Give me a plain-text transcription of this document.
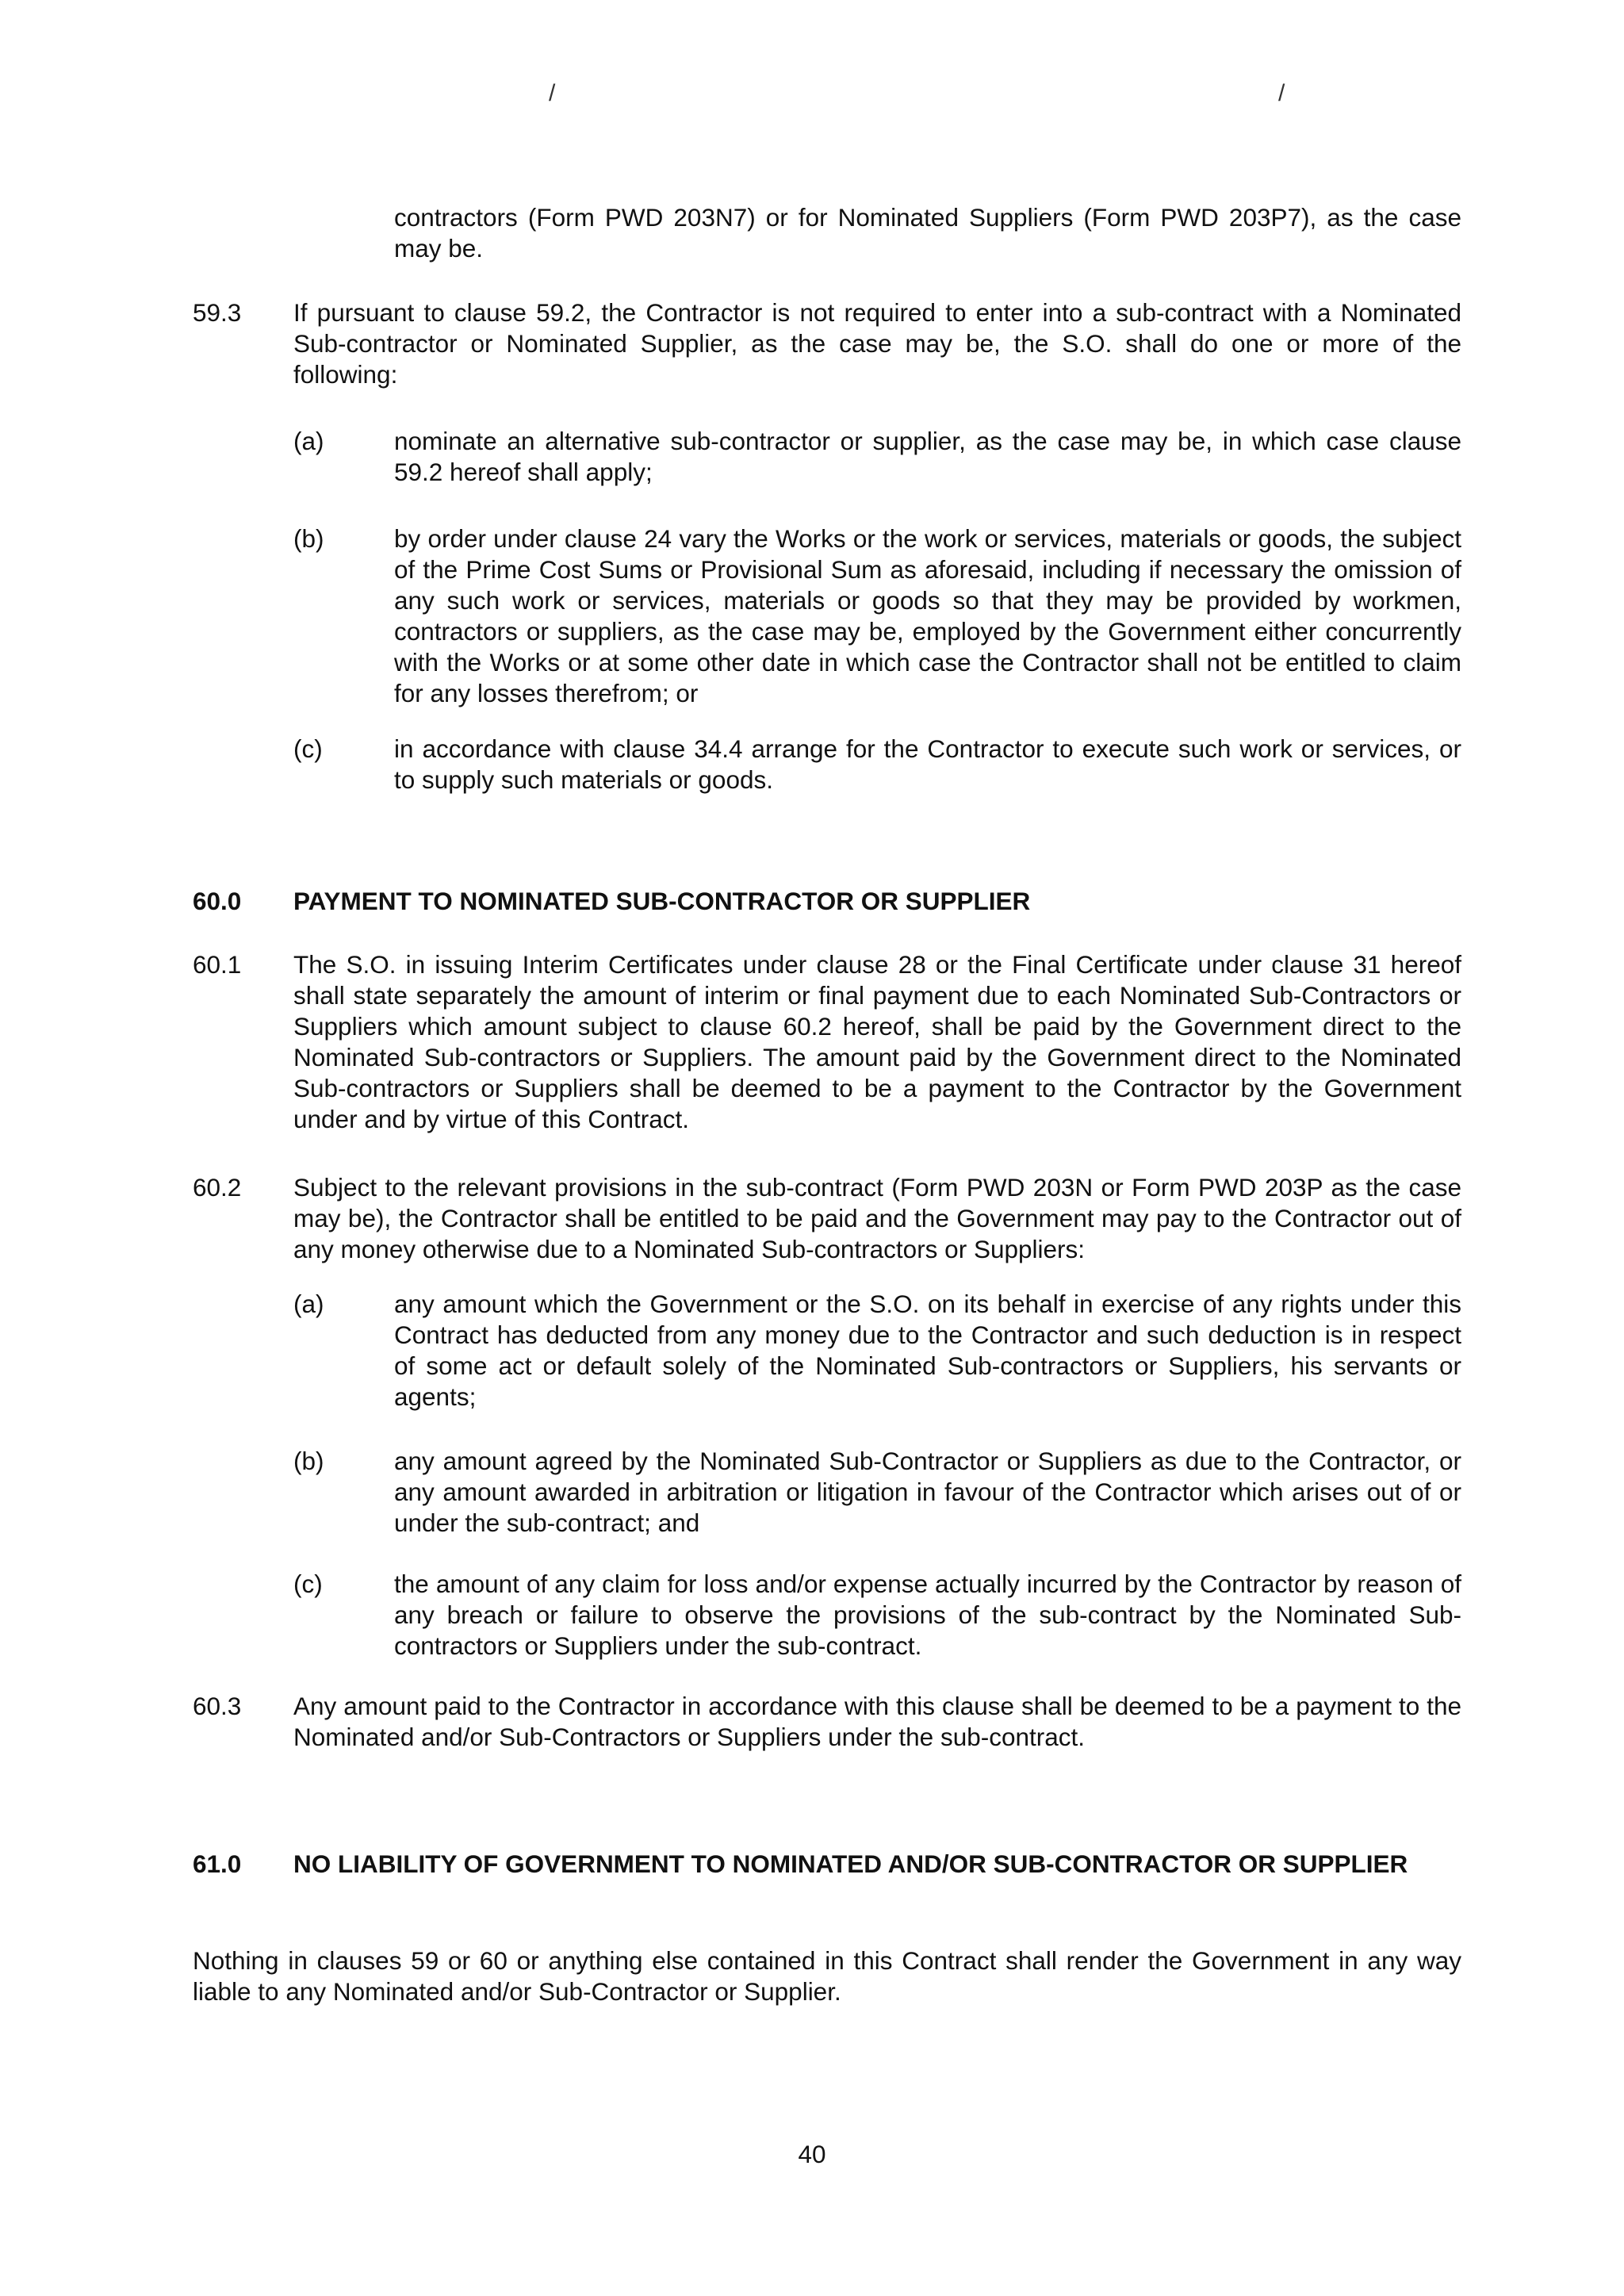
/	/
contractors (Form PWD 203N7) or for Nominated Suppliers (Form PWD 203P7), as the case may be.
59.3 If pursuant to clause 59.2, the Contractor is not required to enter into a sub-contract with a Nominated Sub-contractor or Nominated Supplier, as the case may be, the S.O. shall do one or more of the following:
(a)	nominate an alternative sub-contractor or supplier, as the case may be, in which case clause 59.2 hereof shall apply;
(b)	by order under clause 24 vary the Works or the work or services, materials or goods, the subject of the Prime Cost Sums or Provisional Sum as aforesaid, including if necessary the omission of any such work or services, materials or goods so that they may be provided by workmen, contractors or suppliers, as the case may be, employed by the Government either concurrently with the Works or at some other date in which case the Contractor shall not be entitled to claim for any losses therefrom; or
(c)	in accordance with clause 34.4 arrange for the Contractor to execute such work or services, or to supply such materials or goods.
60.0 PAYMENT TO NOMINATED SUB-CONTRACTOR OR SUPPLIER
60.1 The S.O. in issuing Interim Certificates under clause 28 or the Final Certificate under clause 31 hereof shall state separately the amount of interim or final payment due to each Nominated Sub-Contractors or Suppliers which amount subject to clause 60.2 hereof, shall be paid by the Government direct to the Nominated Sub-contractors or Suppliers. The amount paid by the Government direct to the Nominated Sub-contractors or Suppliers shall be deemed to be a payment to the Contractor by the Government under and by virtue of this Contract.
60.2 Subject to the relevant provisions in the sub-contract (Form PWD 203N or Form PWD 203P as the case may be), the Contractor shall be entitled to be paid and the Government may pay to the Contractor out of any money otherwise due to a Nominated Sub-contractors or Suppliers:
(a)	any amount which the Government or the S.O. on its behalf in exercise of any rights under this Contract has deducted from any money due to the Contractor and such deduction is in respect of some act or default solely of the Nominated Sub-contractors or Suppliers, his servants or agents;
(b)	any amount agreed by the Nominated Sub-Contractor or Suppliers as due to the Contractor, or any amount awarded in arbitration or litigation in favour of the Contractor which arises out of or under the sub-contract; and
(c)	the amount of any claim for loss and/or expense actually incurred by the Contractor by reason of any breach or failure to observe the provisions of the sub-contract by the Nominated Sub-contractors or Suppliers under the sub-contract.
60.3 Any amount paid to the Contractor in accordance with this clause shall be deemed to be a payment to the Nominated and/or Sub-Contractors or Suppliers under the sub-contract.
61.0 NO LIABILITY OF GOVERNMENT TO NOMINATED AND/OR SUB-CONTRACTOR OR SUPPLIER
Nothing in clauses 59 or 60 or anything else contained in this Contract shall render the Government in any way liable to any Nominated and/or Sub-Contractor or Supplier.
40
